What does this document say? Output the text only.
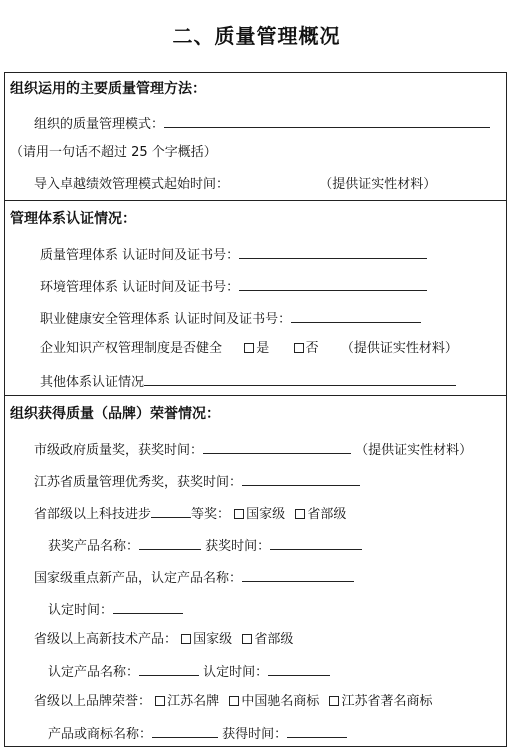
二、质量管理概况
组织运用的主要质量管理方法：
组织的质量管理模式：
（请用一句话不超过 25 个字概括）
导入卓越绩效管理模式起始时间：	（提供证实性材料）
管理体系认证情况：
质量管理体系 认证时间及证书号：
环境管理体系 认证时间及证书号：
职业健康安全管理体系 认证时间及证书号：
企业知识产权管理制度是否健全	是	否 （提供证实性材料）
其他体系认证情况
组织获得质量（品牌）荣誉情况：
市级政府质量奖，获奖时间：	（提供证实性材料）
江苏省质量管理优秀奖，获奖时间：
省部级以上科技进步	等奖： 国家级 省部级
获奖产品名称：	获奖时间：
国家级重点新产品，认定产品名称：
认定时间：
省级以上高新技术产品： 国家级 省部级
认定产品名称：	认定时间：
省级以上品牌荣誉： 江苏名牌 中国驰名商标 江苏省著名商标
产品或商标名称：	获得时间：
